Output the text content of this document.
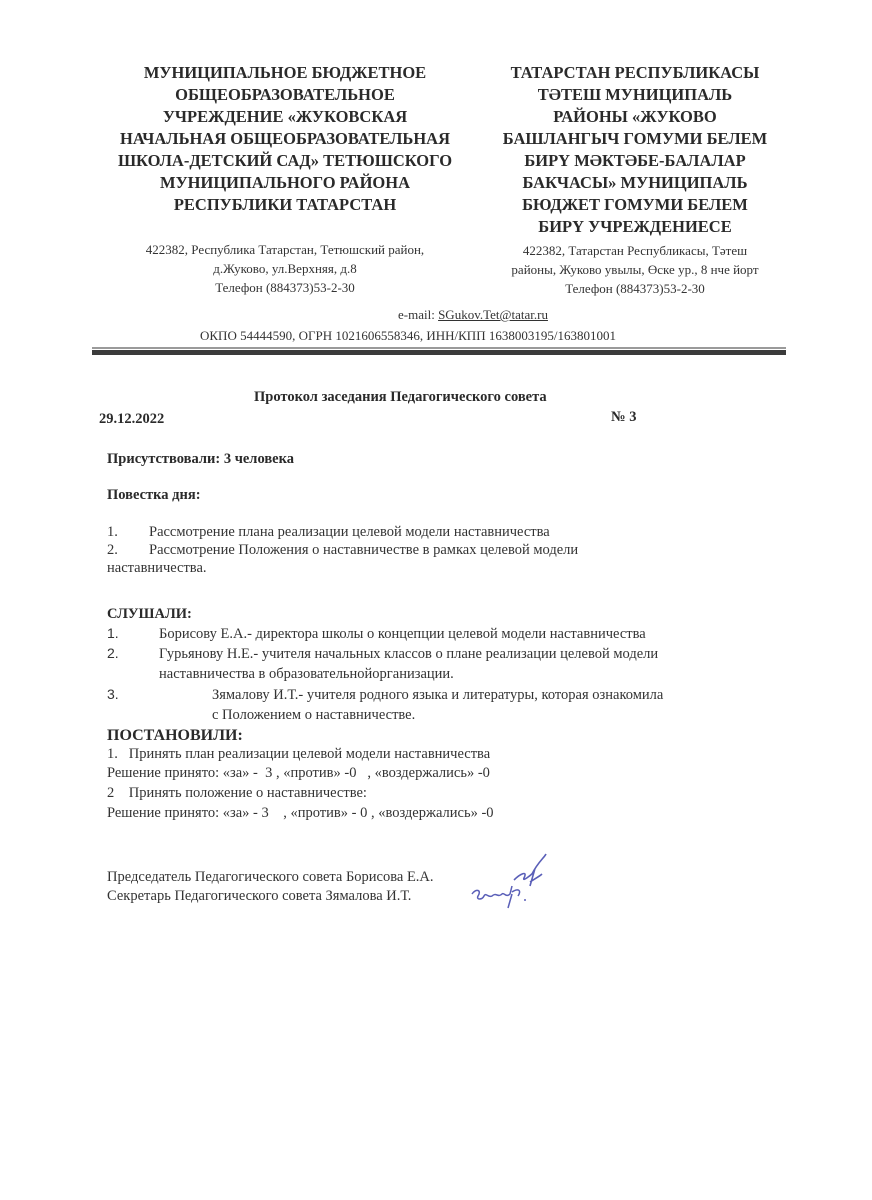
МУНИЦИПАЛЬНОЕ БЮДЖЕТНОЕ
ОБЩЕОБРАЗОВАТЕЛЬНОЕ
УЧРЕЖДЕНИЕ «ЖУКОВСКАЯ
НАЧАЛЬНАЯ ОБЩЕОБРАЗОВАТЕЛЬНАЯ
ШКОЛА-ДЕТСКИЙ САД» ТЕТЮШСКОГО
МУНИЦИПАЛЬНОГО РАЙОНА
РЕСПУБЛИКИ ТАТАРСТАН
422382, Республика Татарстан, Тетюшский район,
д.Жуково, ул.Верхняя, д.8
Телефон (884373)53-2-30
ТАТАРСТАН РЕСПУБЛИКАСЫ
ТӘТЕШ МУНИЦИПАЛЬ
РАЙОНЫ «ЖУКОВО
БАШЛАНГЫЧ ГОМУМИ БЕЛЕМ
БИРҮ МӘКТӘБЕ-БАЛАЛАР
БАКЧАСЫ» МУНИЦИПАЛЬ
БЮДЖЕТ ГОМУМИ БЕЛЕМ
БИРҮ УЧРЕЖДЕНИЕСЕ
422382, Татарстан Республикасы, Тәтеш
районы, Жуково увылы, Өске ур., 8 нче йорт
Телефон (884373)53-2-30
e-mail: SGukov.Tet@tatar.ru
ОКПО 54444590, ОГРН 1021606558346, ИНН/КПП 1638003195/163801001
Протокол заседания Педагогического совета
29.12.2022	№ 3
Присутствовали: 3 человека
Повестка дня:
1. Рассмотрение плана реализации целевой модели наставничества
2. Рассмотрение Положения о наставничестве в рамках целевой модели
наставничества.
СЛУШАЛИ:
1.	Борисову Е.А.- директора школы о концепции целевой модели наставничества
2.	Гурьянову Н.Е.- учителя начальных классов о плане реализации целевой модели
наставничества в образовательнойорганизации.
3.	Зямалову И.Т.- учителя родного языка и литературы, которая ознакомила
с Положением о наставничестве.
ПОСТАНОВИЛИ:
1.   Принять план реализации целевой модели наставничества
Решение принято: «за» -  3 , «против» -0   , «воздержались» -0
2    Принять положение о наставничестве:
Решение принято: «за» - 3    , «против» - 0 , «воздержались» -0
Председатель Педагогического совета Борисова Е.А.
Секретарь Педагогического совета Зямалова И.Т.
